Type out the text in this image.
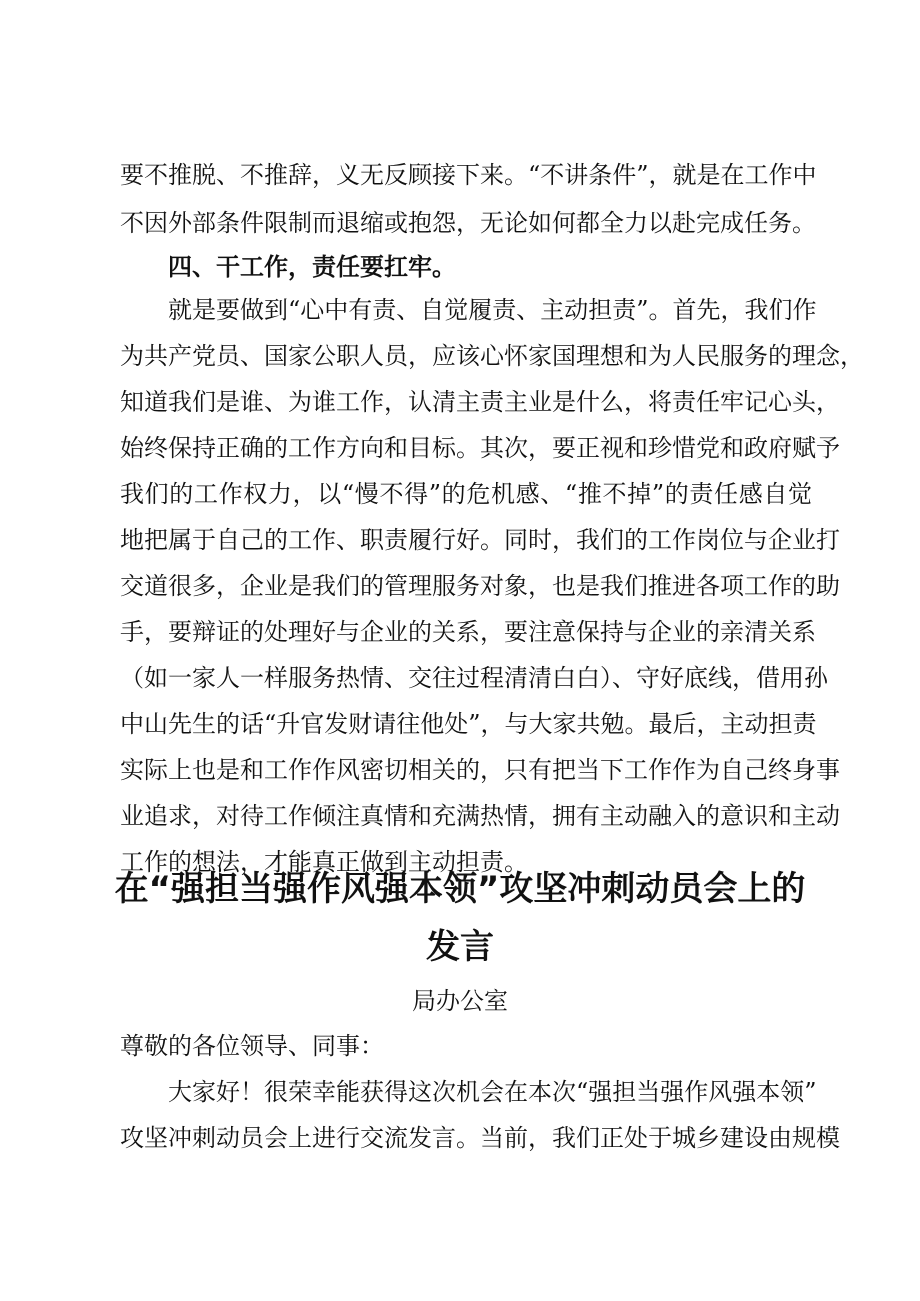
要不推脱、不推辞，义无反顾接下来。“不讲条件”，就是在工作中

不因外部条件限制而退缩或抱怨，无论如何都全力以赴完成任务。

四、干工作，责任要扛牢。

就是要做到“心中有责、自觉履责、主动担责”。首先，我们作

为共产党员、国家公职人员，应该心怀家国理想和为人民服务的理念，

知道我们是谁、为谁工作，认清主责主业是什么，将责任牢记心头，

始终保持正确的工作方向和目标。其次，要正视和珍惜党和政府赋予

我们的工作权力，以“慢不得”的危机感、“推不掉”的责任感自觉

地把属于自己的工作、职责履行好。同时，我们的工作岗位与企业打

交道很多，企业是我们的管理服务对象，也是我们推进各项工作的助

手，要辩证的处理好与企业的关系，要注意保持与企业的亲清关系

（如一家人一样服务热情、交往过程清清白白）、守好底线，借用孙

中山先生的话“升官发财请往他处”，与大家共勉。最后，主动担责

实际上也是和工作作风密切相关的，只有把当下工作作为自己终身事

业追求，对待工作倾注真情和充满热情，拥有主动融入的意识和主动

工作的想法，才能真正做到主动担责。

在“强担当强作风强本领”攻坚冲刺动员会上的
发言

局办公室

尊敬的各位领导、同事：

大家好！很荣幸能获得这次机会在本次“强担当强作风强本领”

攻坚冲刺动员会上进行交流发言。当前，我们正处于城乡建设由规模
